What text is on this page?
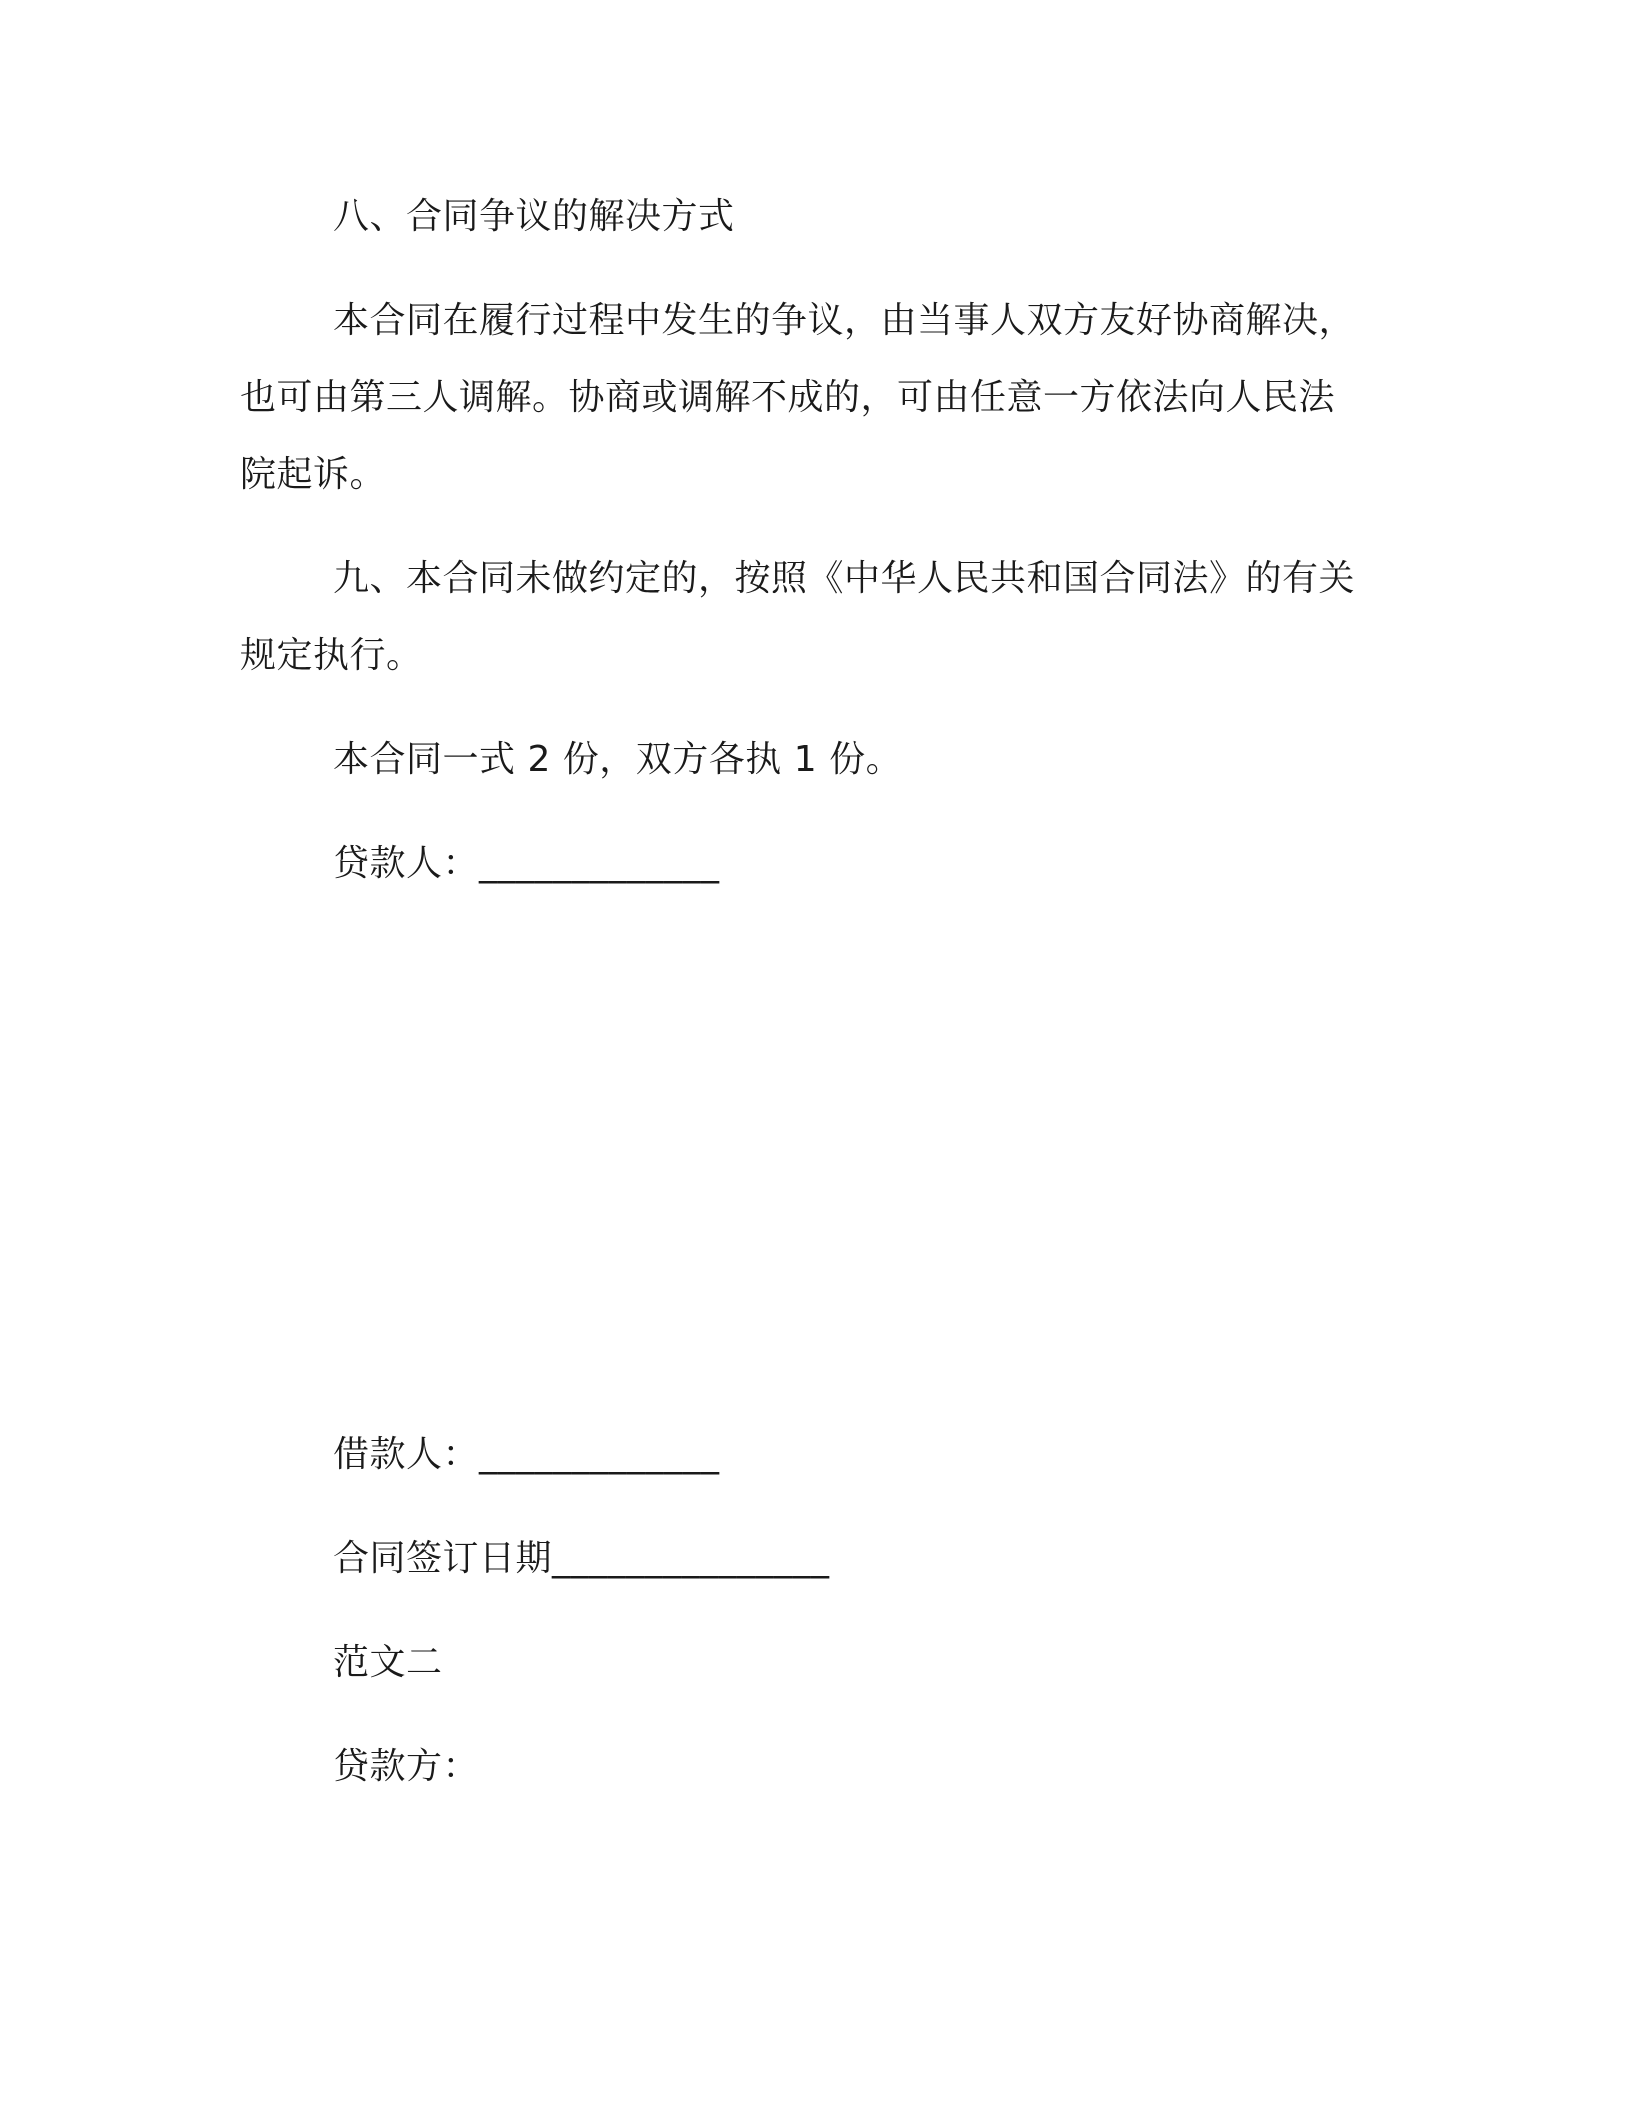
八、合同争议的解决方式
本合同在履行过程中发生的争议，由当事人双方友好协商解决，
也可由第三人调解。协商或调解不成的，可由任意一方依法向人民法
院起诉。
九、本合同未做约定的，按照《中华人民共和国合同法》的有关
规定执行。
本合同一式 2 份，双方各执 1 份。
贷款人：_____________
借款人：_____________
合同签订日期_______________
范文二
贷款方：
